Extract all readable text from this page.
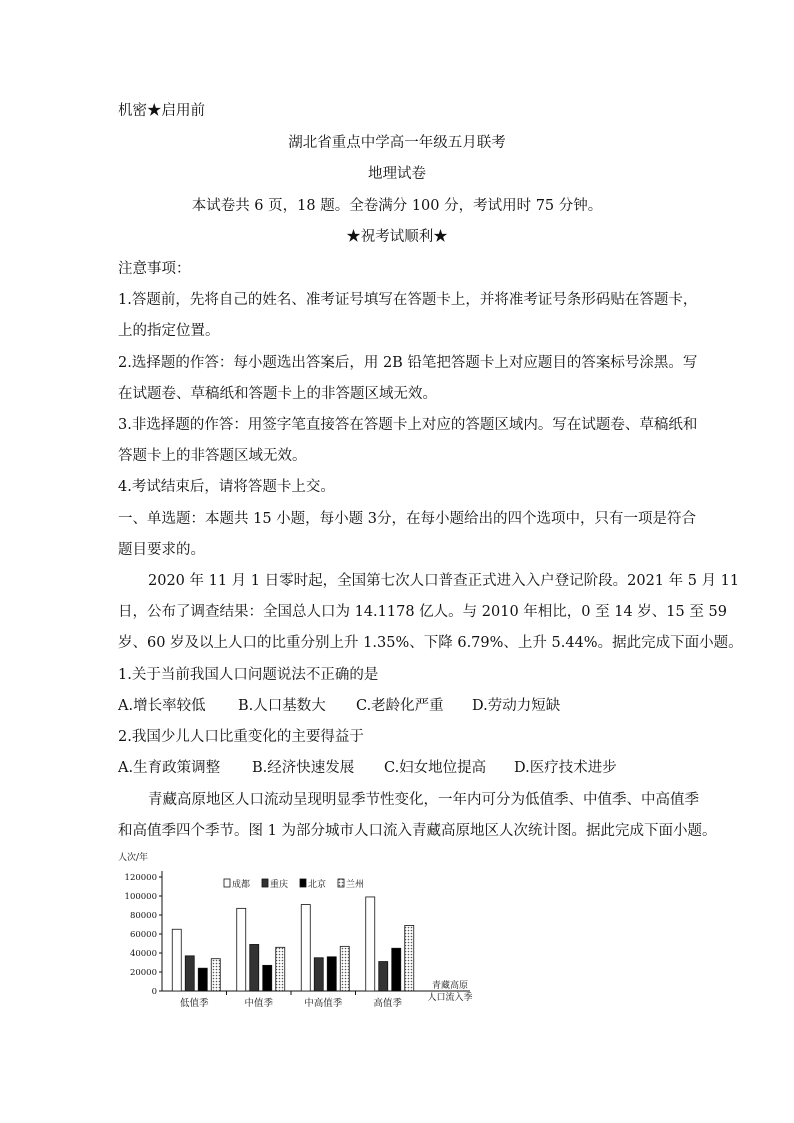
机密★启用前
湖北省重点中学高一年级五月联考
地理试卷
本试卷共 6 页，18 题。全卷满分 100 分，考试用时 75 分钟。
★祝考试顺利★
注意事项：
1.答题前，先将自己的姓名、准考证号填写在答题卡上，并将准考证号条形码贴在答题卡，
上的指定位置。
2.选择题的作答：每小题选出答案后，用 2B 铅笔把答题卡上对应题目的答案标号涂黑。写
在试题卷、草稿纸和答题卡上的非答题区域无效。
3.非选择题的作答：用签字笔直接答在答题卡上对应的答题区域内。写在试题卷、草稿纸和
答题卡上的非答题区域无效。
4.考试结束后，请将答题卡上交。
一、单选题：本题共 15 小题，每小题 3分，在每小题给出的四个选项中，只有一项是符合
题目要求的。
2020 年 11 月 1 日零时起，全国第七次人口普查正式进入入户登记阶段。2021 年 5 月 11
日，公布了调查结果：全国总人口为 14.1178 亿人。与 2010 年相比，0 至 14 岁、15 至 59
岁、60 岁及以上人口的比重分别上升 1.35%、下降 6.79%、上升 5.44%。据此完成下面小题。
1.关于当前我国人口问题说法不正确的是
A.增长率较低 B.人口基数大 C.老龄化严重 D.劳动力短缺
2.我国少儿人口比重变化的主要得益于
A.生育政策调整 B.经济快速发展 C.妇女地位提高 D.医疗技术进步
青藏高原地区人口流动呈现明显季节性变化，一年内可分为低值季、中值季、中高值季
和高值季四个季节。图 1 为部分城市人口流入青藏高原地区人次统计图。据此完成下面小题。
人次/年
0
20000
40000
60000
80000
100000
120000
低值季	中值季	中高值季	高值季
成都 重庆 北京 兰州
青藏高原
人口流入季
